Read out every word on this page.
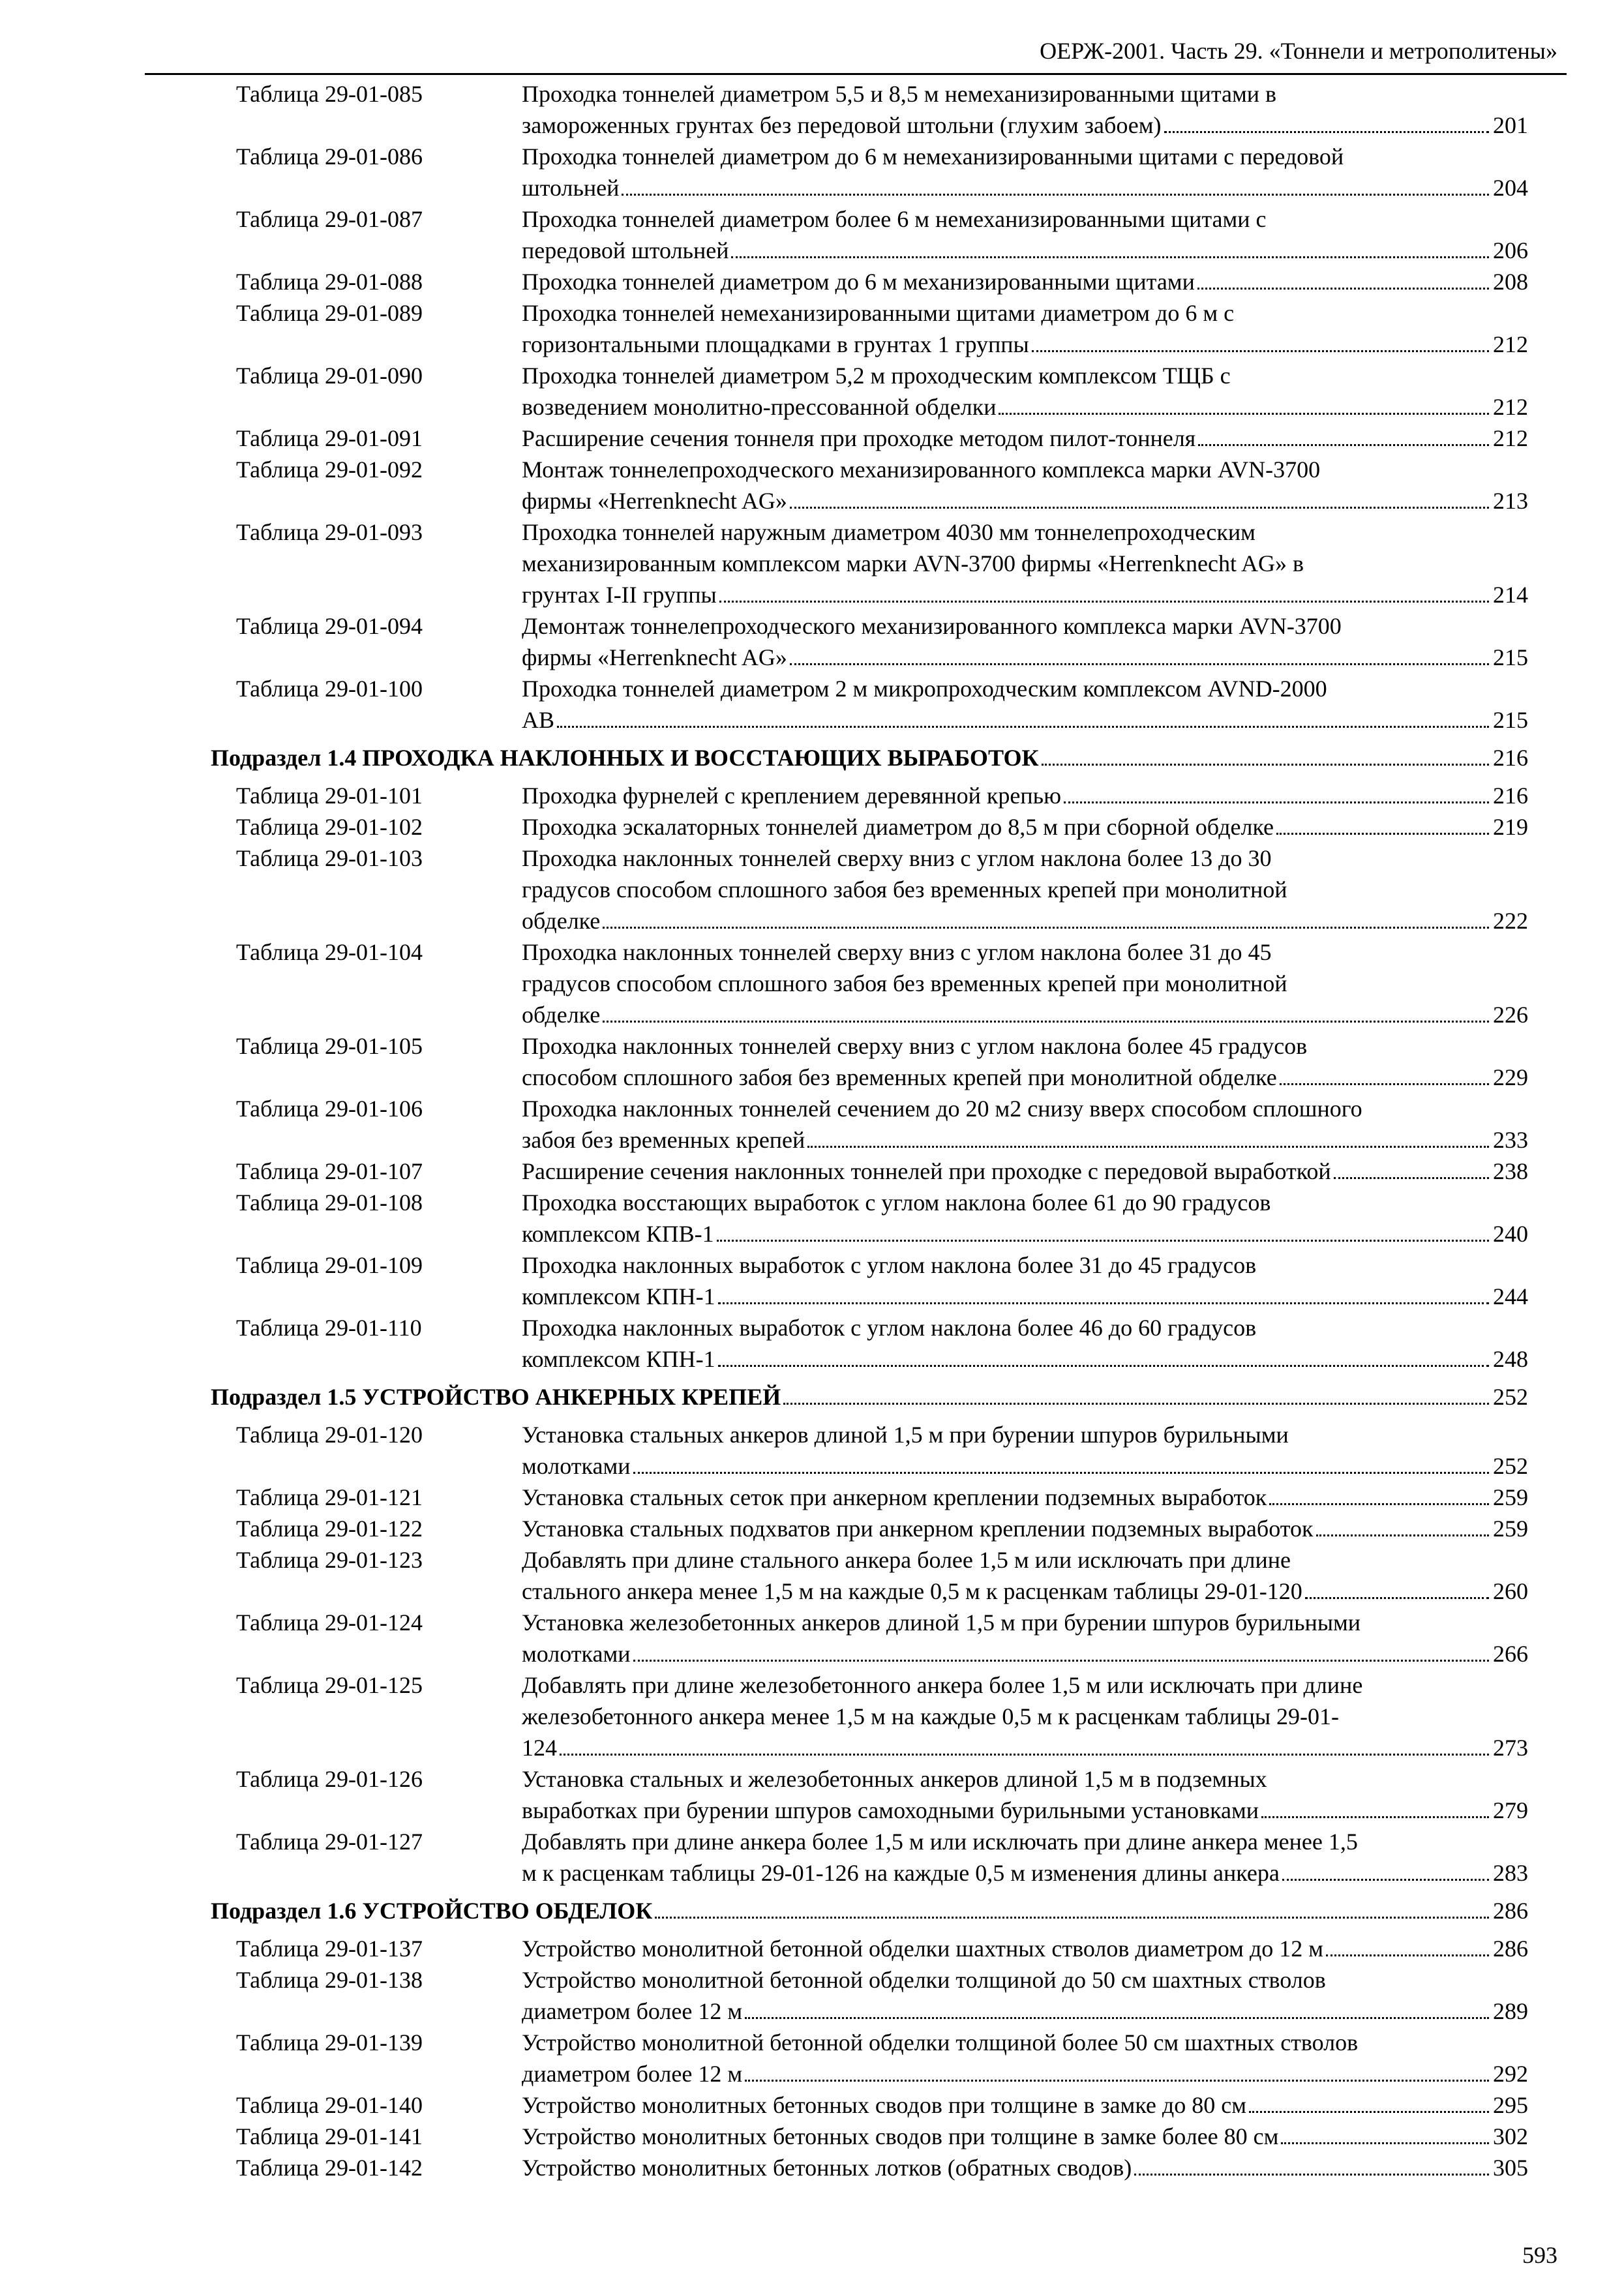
ОЕРЖ-2001. Часть 29. «Тоннели и метрополитены»
Таблица 29-01-085	Проходка тоннелей диаметром 5,5 и 8,5 м немеханизированными щитами в
замороженных грунтах без передовой штольни (глухим забоем)	201
Таблица 29-01-086	Проходка тоннелей диаметром до 6 м немеханизированными щитами с передовой
штольней	204
Таблица 29-01-087	Проходка тоннелей диаметром более 6 м немеханизированными щитами с
передовой штольней	206
Таблица 29-01-088	Проходка тоннелей диаметром до 6 м механизированными щитами	208
Таблица 29-01-089	Проходка тоннелей немеханизированными щитами диаметром до 6 м с
горизонтальными площадками в грунтах 1 группы	212
Таблица 29-01-090	Проходка тоннелей диаметром 5,2 м проходческим комплексом ТЩБ с
возведением монолитно-прессованной обделки	212
Таблица 29-01-091	Расширение сечения тоннеля при проходке методом пилот-тоннеля	212
Таблица 29-01-092	Монтаж тоннелепроходческого механизированного комплекса марки AVN-3700
фирмы «Herrenknecht AG»	213
Таблица 29-01-093	Проходка тоннелей наружным диаметром 4030 мм тоннелепроходческим
механизированным комплексом марки AVN-3700 фирмы «Herrenknecht AG» в
грунтах I-II группы	214
Таблица 29-01-094	Демонтаж тоннелепроходческого механизированного комплекса марки AVN-3700
фирмы «Herrenknecht AG»	215
Таблица 29-01-100	Проходка тоннелей диаметром 2 м микропроходческим комплексом AVND-2000
AB	215
Подраздел 1.4 ПРОХОДКА НАКЛОННЫХ И ВОССТАЮЩИХ ВЫРАБОТОК	216
Таблица 29-01-101	Проходка фурнелей с креплением деревянной крепью	216
Таблица 29-01-102	Проходка эскалаторных тоннелей диаметром до 8,5 м при сборной обделке	219
Таблица 29-01-103	Проходка наклонных тоннелей сверху вниз с углом наклона более 13 до 30
градусов способом сплошного забоя без временных крепей при монолитной
обделке	222
Таблица 29-01-104	Проходка наклонных тоннелей сверху вниз с углом наклона более 31 до 45
градусов способом сплошного забоя без временных крепей при монолитной
обделке	226
Таблица 29-01-105	Проходка наклонных тоннелей сверху вниз с углом наклона более 45 градусов
способом сплошного забоя без временных крепей при монолитной обделке	229
Таблица 29-01-106	Проходка наклонных тоннелей сечением до 20 м2 снизу вверх способом сплошного
забоя без временных крепей	233
Таблица 29-01-107	Расширение сечения наклонных тоннелей при проходке с передовой выработкой	238
Таблица 29-01-108	Проходка восстающих выработок с углом наклона более 61 до 90 градусов
комплексом КПВ-1	240
Таблица 29-01-109	Проходка наклонных выработок с углом наклона более 31 до 45 градусов
комплексом КПН-1	244
Таблица 29-01-110	Проходка наклонных выработок с углом наклона более 46 до 60 градусов
комплексом КПН-1	248
Подраздел 1.5 УСТРОЙСТВО АНКЕРНЫХ КРЕПЕЙ	252
Таблица 29-01-120	Установка стальных анкеров длиной 1,5 м при бурении шпуров бурильными
молотками	252
Таблица 29-01-121	Установка стальных сеток при анкерном креплении подземных выработок	259
Таблица 29-01-122	Установка стальных подхватов при анкерном креплении подземных выработок	259
Таблица 29-01-123	Добавлять при длине стального анкера более 1,5 м или исключать при длине
стального анкера менее 1,5 м на каждые 0,5 м к расценкам таблицы 29-01-120	260
Таблица 29-01-124	Установка железобетонных анкеров длиной 1,5 м при бурении шпуров бурильными
молотками	266
Таблица 29-01-125	Добавлять при длине железобетонного анкера более 1,5 м или исключать при длине
железобетонного анкера менее 1,5 м на каждые 0,5 м к расценкам таблицы 29-01-
124	273
Таблица 29-01-126	Установка стальных и железобетонных анкеров длиной 1,5 м в подземных
выработках при бурении шпуров самоходными бурильными установками	279
Таблица 29-01-127	Добавлять при длине анкера более 1,5 м или исключать при длине анкера менее 1,5
м к расценкам таблицы 29-01-126 на каждые 0,5 м изменения длины анкера	283
Подраздел 1.6 УСТРОЙСТВО ОБДЕЛОК	286
Таблица 29-01-137	Устройство монолитной бетонной обделки шахтных стволов диаметром до 12 м	286
Таблица 29-01-138	Устройство монолитной бетонной обделки толщиной до 50 см шахтных стволов
диаметром более 12 м	289
Таблица 29-01-139	Устройство монолитной бетонной обделки толщиной более 50 см шахтных стволов
диаметром более 12 м	292
Таблица 29-01-140	Устройство монолитных бетонных сводов при толщине в замке до 80 см	295
Таблица 29-01-141	Устройство монолитных бетонных сводов при толщине в замке более 80 см	302
Таблица 29-01-142	Устройство монолитных бетонных лотков (обратных сводов)	305
593
